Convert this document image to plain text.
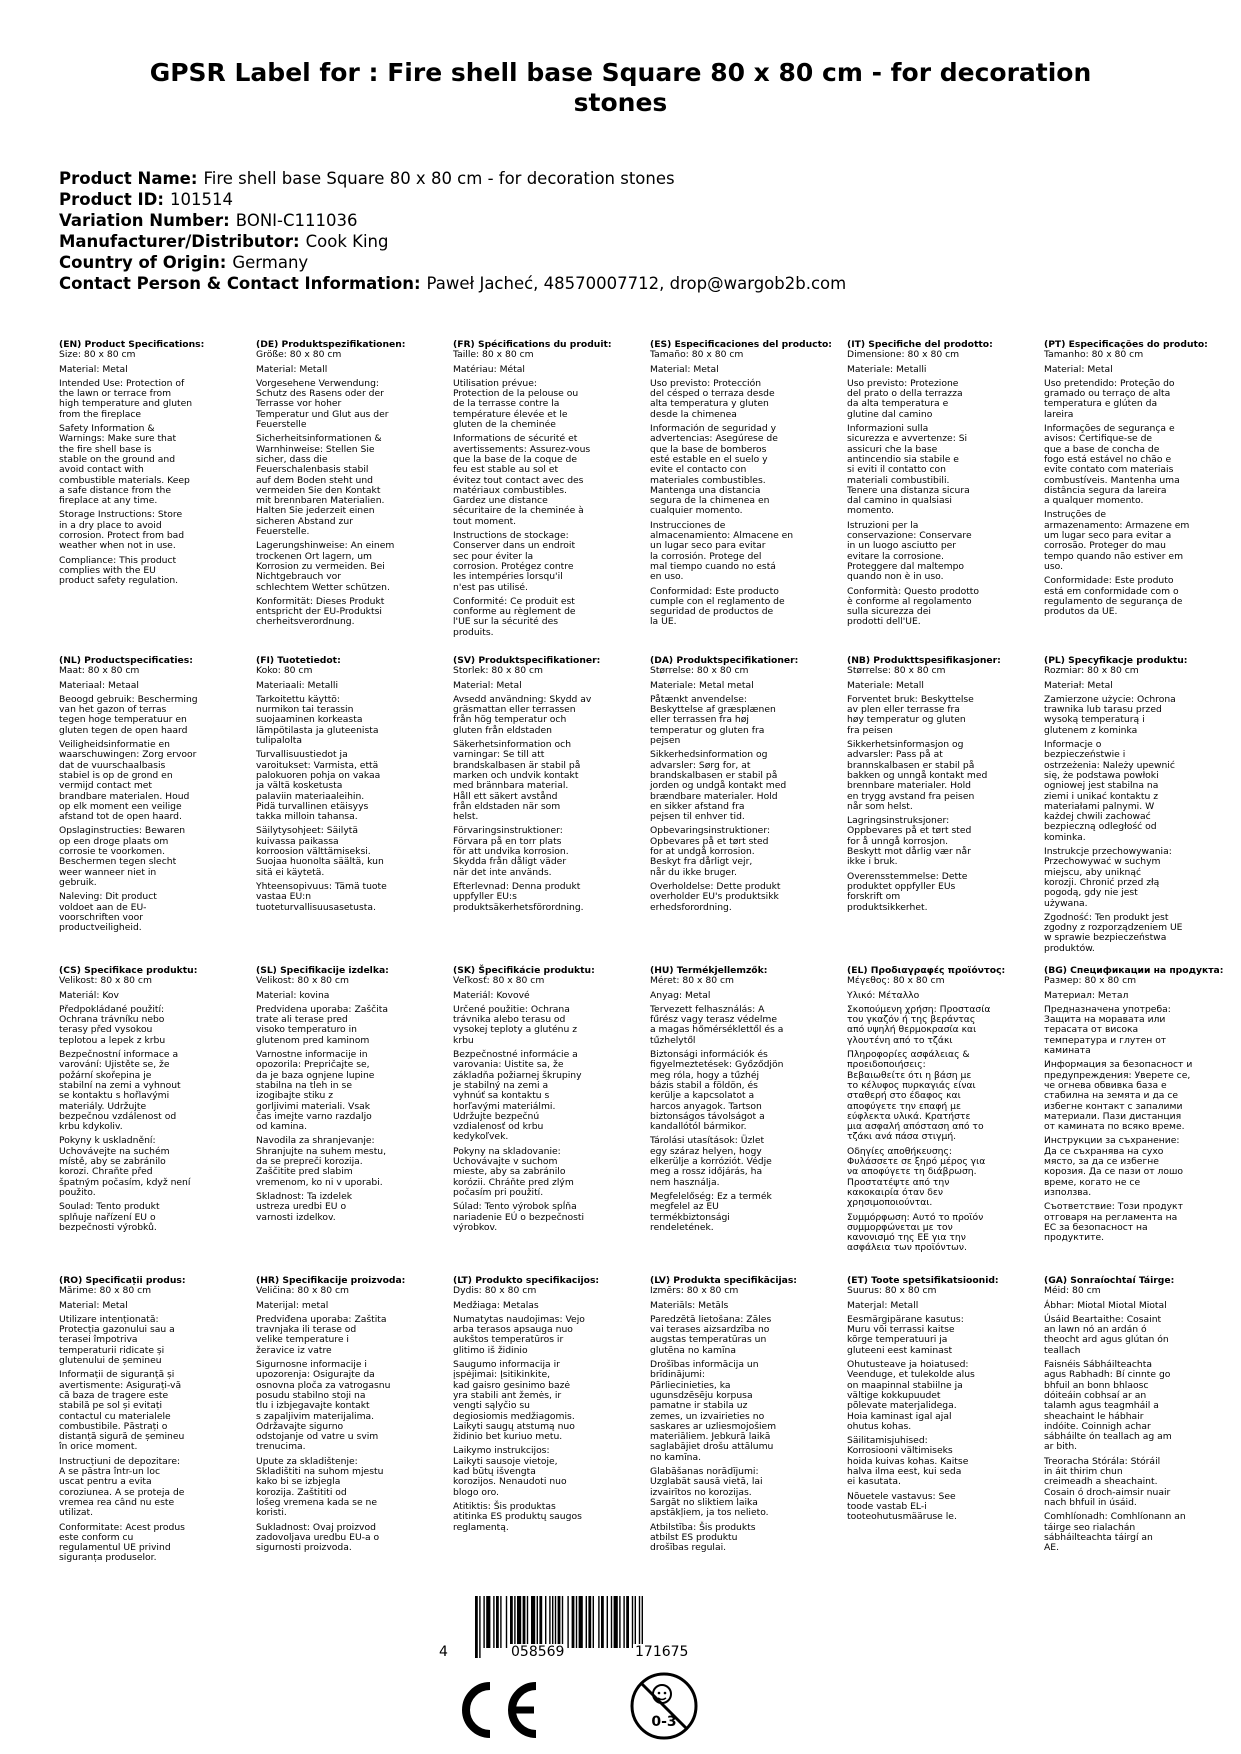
GPSR Label for : Fire shell base Square 80 x 80 cm - for decoration stones
Product Name: Fire shell base Square 80 x 80 cm - for decoration stones
Product ID: 101514
Variation Number: BONI-C111036
Manufacturer/Distributor: Cook King
Country of Origin: Germany
Contact Person & Contact Information: Paweł Jacheć, 48570007712, drop@wargob2b.com
(EN) Product Specifications:
Size: 80 x 80 cm
Material: Metal

Intended Use: Protection of
the lawn or terrace from
high temperature and gluten
from the fireplace

Safety Information &
Warnings: Make sure that
the fire shell base is
stable on the ground and
avoid contact with
combustible materials. Keep
a safe distance from the
fireplace at any time.

Storage Instructions: Store
in a dry place to avoid
corrosion. Protect from bad
weather when not in use.

Compliance: This product
complies with the EU
product safety regulation.

(DE) Produktspezifikationen:
Größe: 80 x 80 cm
Material: Metall

Vorgesehene Verwendung:
Schutz des Rasens oder der
Terrasse vor hoher
Temperatur und Glut aus der
Feuerstelle

Sicherheitsinformationen &
Warnhinweise: Stellen Sie
sicher, dass die
Feuerschalenbasis stabil
auf dem Boden steht und
vermeiden Sie den Kontakt
mit brennbaren Materialien.
Halten Sie jederzeit einen
sicheren Abstand zur
Feuerstelle.

Lagerungshinweise: An einem
trockenen Ort lagern, um
Korrosion zu vermeiden. Bei
Nichtgebrauch vor
schlechtem Wetter schützen.

Konformität: Dieses Produkt
entspricht der EU-Produktsi
cherheitsverordnung.

(FR) Spécifications du produit:
Taille: 80 x 80 cm
Matériau: Métal

Utilisation prévue:
Protection de la pelouse ou
de la terrasse contre la
température élevée et le
gluten de la cheminée

Informations de sécurité et
avertissements: Assurez-vous
que la base de la coque de
feu est stable au sol et
évitez tout contact avec des
matériaux combustibles.
Gardez une distance
sécuritaire de la cheminée à
tout moment.

Instructions de stockage:
Conserver dans un endroit
sec pour éviter la
corrosion. Protégez contre
les intempéries lorsqu'il
n'est pas utilisé.

Conformité: Ce produit est
conforme au règlement de
l'UE sur la sécurité des
produits.

(ES) Especificaciones del producto:
Tamaño: 80 x 80 cm
Material: Metal

Uso previsto: Protección
del césped o terraza desde
alta temperatura y gluten
desde la chimenea

Información de seguridad y
advertencias: Asegúrese de
que la base de bomberos
esté estable en el suelo y
evite el contacto con
materiales combustibles.
Mantenga una distancia
segura de la chimenea en
cualquier momento.

Instrucciones de
almacenamiento: Almacene en
un lugar seco para evitar
la corrosión. Protege del
mal tiempo cuando no está
en uso.

Conformidad: Este producto
cumple con el reglamento de
seguridad de productos de
la UE.

(IT) Specifiche del prodotto:
Dimensione: 80 x 80 cm
Materiale: Metalli

Uso previsto: Protezione
del prato o della terrazza
da alta temperatura e
glutine dal camino

Informazioni sulla
sicurezza e avvertenze: Si
assicuri che la base
antincendio sia stabile e
si eviti il contatto con
materiali combustibili.
Tenere una distanza sicura
dal camino in qualsiasi
momento.

Istruzioni per la
conservazione: Conservare
in un luogo asciutto per
evitare la corrosione.
Proteggere dal maltempo
quando non è in uso.

Conformità: Questo prodotto
è conforme al regolamento
sulla sicurezza dei
prodotti dell'UE.

(PT) Especificações do produto:
Tamanho: 80 x 80 cm
Material: Metal

Uso pretendido: Proteção do
gramado ou terraço de alta
temperatura e glúten da
lareira

Informações de segurança e
avisos: Certifique-se de
que a base de concha de
fogo está estável no chão e
evite contato com materiais
combustíveis. Mantenha uma
distância segura da lareira
a qualquer momento.

Instruções de
armazenamento: Armazene em
um lugar seco para evitar a
corrosão. Proteger do mau
tempo quando não estiver em
uso.

Conformidade: Este produto
está em conformidade com o
regulamento de segurança de
produtos da UE.

(NL) Productspecificaties:
Maat: 80 x 80 cm
Materiaal: Metaal

Beoogd gebruik: Bescherming
van het gazon of terras
tegen hoge temperatuur en
gluten tegen de open haard

Veiligheidsinformatie en
waarschuwingen: Zorg ervoor
dat de vuurschaalbasis
stabiel is op de grond en
vermijd contact met
brandbare materialen. Houd
op elk moment een veilige
afstand tot de open haard.

Opslaginstructies: Bewaren
op een droge plaats om
corrosie te voorkomen.
Beschermen tegen slecht
weer wanneer niet in
gebruik.

Naleving: Dit product
voldoet aan de EU-
voorschriften voor
productveiligheid.

(FI) Tuotetiedot:
Koko: 80 cm
Materiaali: Metalli

Tarkoitettu käyttö:
nurmikon tai terassin
suojaaminen korkeasta
lämpötilasta ja gluteenista
tulipalolta

Turvallisuustiedot ja
varoitukset: Varmista, että
palokuoren pohja on vakaa
ja vältä kosketusta
palaviin materiaaleihin.
Pidä turvallinen etäisyys
takka milloin tahansa.

Säilytysohjeet: Säilytä
kuivassa paikassa
korroosion välttämiseksi.
Suojaa huonolta säältä, kun
sitä ei käytetä.

Yhteensopivuus: Tämä tuote
vastaa EU:n
tuoteturvallisuusasetusta.

(SV) Produktspecifikationer:
Storlek: 80 x 80 cm
Material: Metal

Avsedd användning: Skydd av
gräsmattan eller terrassen
från hög temperatur och
gluten från eldstaden

Säkerhetsinformation och
varningar: Se till att
brandskalbasen är stabil på
marken och undvik kontakt
med brännbara material.
Håll ett säkert avstånd
från eldstaden när som
helst.

Förvaringsinstruktioner:
Förvara på en torr plats
för att undvika korrosion.
Skydda från dåligt väder
när det inte används.

Efterlevnad: Denna produkt
uppfyller EU:s
produktsäkerhetsförordning.

(DA) Produktspecifikationer:
Størrelse: 80 x 80 cm
Materiale: Metal metal

Påtænkt anvendelse:
Beskyttelse af græsplænen
eller terrassen fra høj
temperatur og gluten fra
pejsen

Sikkerhedsinformation og
advarsler: Sørg for, at
brandskalbasen er stabil på
jorden og undgå kontakt med
brændbare materialer. Hold
en sikker afstand fra
pejsen til enhver tid.

Opbevaringsinstruktioner:
Opbevares på et tørt sted
for at undgå korrosion.
Beskyt fra dårligt vejr,
når du ikke bruger.

Overholdelse: Dette produkt
overholder EU's produktsikk
erhedsforordning.

(NB) Produkttspesifikasjoner:
Størrelse: 80 x 80 cm
Materiale: Metall

Forventet bruk: Beskyttelse
av plen eller terrasse fra
høy temperatur og gluten
fra peisen

Sikkerhetsinformasjon og
advarsler: Pass på at
brannskalbasen er stabil på
bakken og unngå kontakt med
brennbare materialer. Hold
en trygg avstand fra peisen
når som helst.

Lagringsinstruksjoner:
Oppbevares på et tørt sted
for å unngå korrosjon.
Beskytt mot dårlig vær når
ikke i bruk.

Overensstemmelse: Dette
produktet oppfyller EUs
forskrift om
produktsikkerhet.

(PL) Specyfikacje produktu:
Rozmiar: 80 x 80 cm
Materiał: Metal

Zamierzone użycie: Ochrona
trawnika lub tarasu przed
wysoką temperaturą i
glutenem z kominka

Informacje o
bezpieczeństwie i
ostrzeżenia: Należy upewnić
się, że podstawa powłoki
ogniowej jest stabilna na
ziemi i unikać kontaktu z
materiałami palnymi. W
każdej chwili zachować
bezpieczną odległość od
kominka.

Instrukcje przechowywania:
Przechowywać w suchym
miejscu, aby uniknąć
korozji. Chronić przed złą
pogodą, gdy nie jest
używana.

Zgodność: Ten produkt jest
zgodny z rozporządzeniem UE
w sprawie bezpieczeństwa
produktów.

(CS) Specifikace produktu:
Velikost: 80 x 80 cm
Materiál: Kov

Předpokládané použití:
Ochrana trávníku nebo
terasy před vysokou
teplotou a lepek z krbu

Bezpečnostní informace a
varování: Ujistěte se, že
požární skořepina je
stabilní na zemi a vyhnout
se kontaktu s hořlavými
materiály. Udržujte
bezpečnou vzdálenost od
krbu kdykoliv.

Pokyny k uskladnění:
Uchovávejte na suchém
místě, aby se zabránilo
korozi. Chraňte před
špatným počasím, když není
použito.

Soulad: Tento produkt
splňuje nařízení EU o
bezpečnosti výrobků.

(SL) Specifikacije izdelka:
Velikost: 80 x 80 cm
Material: kovina

Predvidena uporaba: Zaščita
trate ali terase pred
visoko temperaturo in
glutenom pred kaminom

Varnostne informacije in
opozorila: Prepričajte se,
da je baza ognjene lupine
stabilna na tleh in se
izogibajte stiku z
gorljivimi materiali. Vsak
čas imejte varno razdaljo
od kamina.

Navodila za shranjevanje:
Shranjujte na suhem mestu,
da se prepreči korozija.
Zaščitite pred slabim
vremenom, ko ni v uporabi.

Skladnost: Ta izdelek
ustreza uredbi EU o
varnosti izdelkov.

(SK) Špecifikácie produktu:
Veľkosť: 80 x 80 cm
Materiál: Kovové

Určené použitie: Ochrana
trávnika alebo terasu od
vysokej teploty a gluténu z
krbu

Bezpečnostné informácie a
varovania: Uistite sa, že
základňa požiarnej škrupiny
je stabilný na zemi a
vyhnúť sa kontaktu s
horľavými materiálmi.
Udržujte bezpečnú
vzdialenosť od krbu
kedykoľvek.

Pokyny na skladovanie:
Uchovávajte v suchom
mieste, aby sa zabránilo
korózii. Chráňte pred zlým
počasím pri použití.

Súlad: Tento výrobok spĺňa
nariadenie EÚ o bezpečnosti
výrobkov.

(HU) Termékjellemzők:
Méret: 80 x 80 cm
Anyag: Metal

Tervezett felhasználás: A
fűrész vagy terasz védelme
a magas hőmérséklettől és a
tűzhelytől

Biztonsági információk és
figyelmeztetések: Győződjön
meg róla, hogy a tűzhéj
bázis stabil a földön, és
kerülje a kapcsolatot a
harcos anyagok. Tartson
biztonságos távolságot a
kandallótól bármikor.

Tárolási utasítások: Üzlet
egy száraz helyen, hogy
elkerülje a korróziót. Védje
meg a rossz időjárás, ha
nem használja.

Megfelelőség: Ez a termék
megfelel az EU
termékbiztonsági
rendeletének.

(EL) Προδιαγραφές προϊόντος:
Μέγεθος: 80 x 80 cm
Υλικό: Μέταλλο

Σκοπούμενη χρήση: Προστασία
του γκαζόν ή της βεράντας
από υψηλή θερμοκρασία και
γλουτένη από το τζάκι

Πληροφορίες ασφάλειας &
προειδοποιήσεις:
Βεβαιωθείτε ότι η βάση με
το κέλυφος πυρκαγιάς είναι
σταθερή στο έδαφος και
αποφύγετε την επαφή με
εύφλεκτα υλικά. Κρατήστε
μια ασφαλή απόσταση από το
τζάκι ανά πάσα στιγμή.

Οδηγίες αποθήκευσης:
Φυλάσσετε σε ξηρό μέρος για
να αποφύγετε τη διάβρωση.
Προστατέψτε από την
κακοκαιρία όταν δεν
χρησιμοποιούνται.

Συμμόρφωση: Αυτό το προϊόν
συμμορφώνεται με τον
κανονισμό της ΕΕ για την
ασφάλεια των προϊόντων.

(BG) Спецификации на продукта:
Размер: 80 x 80 cm
Материал: Метал

Предназначена употреба:
Защита на моравата или
терасата от висока
температура и глутен от
камината

Информация за безопасност и
предупреждения: Уверете се,
че огнева обвивка база е
стабилна на земята и да се
избегне контакт с запалими
материали. Пази дистанция
от камината по всяко време.

Инструкции за съхранение:
Да се съхранява на сухо
място, за да се избегне
корозия. Да се пази от лошо
време, когато не се
използва.

Съответствие: Този продукт
отговаря на регламента на
ЕС за безопасност на
продуктите.

(RO) Specificații produs:
Mărime: 80 x 80 cm
Material: Metal

Utilizare intenționată:
Protecția gazonului sau a
terasei împotriva
temperaturii ridicate și
glutenului de șemineu

Informații de siguranță și
avertismente: Asigurați-vă
că baza de tragere este
stabilă pe sol și evitați
contactul cu materialele
combustibile. Păstrați o
distanță sigură de șemineu
în orice moment.

Instrucțiuni de depozitare:
A se păstra într-un loc
uscat pentru a evita
coroziunea. A se proteja de
vremea rea când nu este
utilizat.

Conformitate: Acest produs
este conform cu
regulamentul UE privind
siguranța produselor.

(HR) Specifikacije proizvoda:
Veličina: 80 x 80 cm
Materijal: metal

Predviđena uporaba: Zaštita
travnjaka ili terase od
velike temperature i
žeravice iz vatre

Sigurnosne informacije i
upozorenja: Osigurajte da
osnovna ploča za vatrogasnu
posudu stabilno stoji na
tlu i izbjegavajte kontakt
s zapaljivim materijalima.
Održavajte sigurno
odstojanje od vatre u svim
trenucima.

Upute za skladištenje:
Skladištiti na suhom mjestu
kako bi se izbjegla
korozija. Zaštititi od
lošeg vremena kada se ne
koristi.

Sukladnost: Ovaj proizvod
zadovoljava uredbu EU-a o
sigurnosti proizvoda.

(LT) Produkto specifikacijos:
Dydis: 80 x 80 cm
Medžiaga: Metalas

Numatytas naudojimas: Vejo
arba terasos apsauga nuo
aukštos temperatūros ir
glitimo iš židinio

Saugumo informacija ir
įspėjimai: Įsitikinkite,
kad gaisro gesinimo bazė
yra stabili ant žemės, ir
vengti sąlyčio su
degiosiomis medžiagomis.
Laikyti saugų atstumą nuo
židinio bet kuriuo metu.

Laikymo instrukcijos:
Laikyti sausoje vietoje,
kad būtų išvengta
korozijos. Nenaudoti nuo
blogo oro.

Atitiktis: Šis produktas
atitinka ES produktų saugos
reglamentą.

(LV) Produkta specifikācijas:
Izmērs: 80 x 80 cm
Materiāls: Metāls

Paredzētā lietošana: Zāles
vai terases aizsardzība no
augstas temperatūras un
glutēna no kamīna

Drošības informācija un
brīdinājumi:
Pārliecinieties, ka
ugunsdzēsēju korpusa
pamatne ir stabila uz
zemes, un izvairieties no
saskares ar uzliesmojošiem
materiāliem. Jebkurā laikā
saglabājiet drošu attālumu
no kamīna.

Glabāšanas norādījumi:
Uzglabāt sausā vietā, lai
izvairītos no korozijas.
Sargāt no sliktiem laika
apstākļiem, ja tos nelieto.

Atbilstība: Šis produkts
atbilst ES produktu
drošības regulai.

(ET) Toote spetsifikatsioonid:
Suurus: 80 x 80 cm
Materjal: Metall

Eesmärgipärane kasutus:
Muru või terrassi kaitse
kõrge temperatuuri ja
gluteeni eest kaminast

Ohutusteave ja hoiatused:
Veenduge, et tulekolde alus
on maapinnal stabiilne ja
vältige kokkupuudet
põlevate materjalidega.
Hoia kaminast igal ajal
ohutus kohas.

Säilitamisjuhised:
Korrosiooni vältimiseks
hoida kuivas kohas. Kaitse
halva ilma eest, kui seda
ei kasutata.

Nõuetele vastavus: See
toode vastab EL-i
tooteohutusmääruse le.

(GA) Sonraíochtaí Táirge:
Méid: 80 cm
Ábhar: Miotal Miotal Miotal

Úsáid Beartaithe: Cosaint
an lawn nó an ardán ó
theocht ard agus glútan ón
teallach

Faisnéis Sábháilteachta
agus Rabhadh: Bí cinnte go
bhfuil an bonn bhlaosc
dóiteáin cobhsaí ar an
talamh agus teagmháil a
sheachaint le hábhair
indóite. Coinnigh achar
sábháilte ón teallach ag am
ar bith.

Treoracha Stórála: Stóráil
in áit thirim chun
creimeadh a sheachaint.
Cosain ó droch-aimsir nuair
nach bhfuil in úsáid.

Comhlíonadh: Comhlíonann an
táirge seo rialachán
sábháilteachta táirgí an
AE.

4	058569	171675
0-3
